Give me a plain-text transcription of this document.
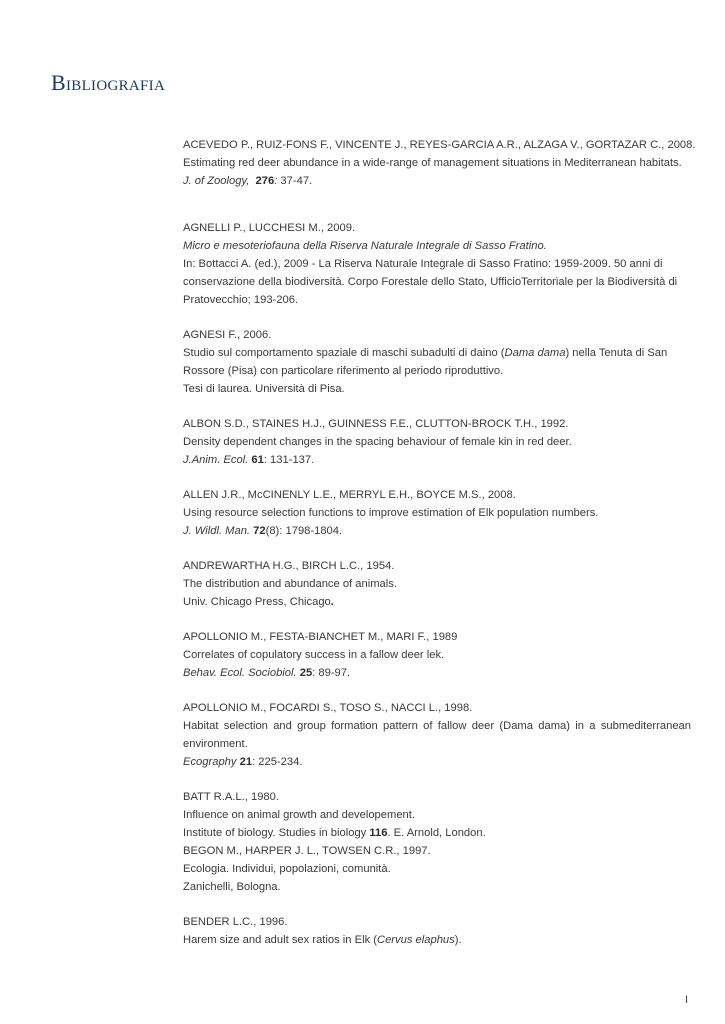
Bibliografia
ACEVEDO P., RUIZ-FONS F., VINCENTE J., REYES-GARCIA A.R., ALZAGA V., GORTAZAR C., 2008.
Estimating red deer abundance in a wide-range of management situations in Mediterranean habitats.
J. of Zoology, 276: 37-47.
AGNELLI P., LUCCHESI M., 2009.
Micro e mesoteriofauna della Riserva Naturale Integrale di Sasso Fratino.
In: Bottacci A. (ed.), 2009 - La Riserva Naturale Integrale di Sasso Fratino: 1959-2009. 50 anni di
conservazione della biodiversità. Corpo Forestale dello Stato, UfficioTerritoriale per la Biodiversità di
Pratovecchio; 193-206.
AGNESI F., 2006.
Studio sul comportamento spaziale di maschi subadulti di daino (Dama dama) nella Tenuta di San
Rossore (Pisa) con particolare riferimento al periodo riproduttivo.
Tesi di laurea. Università di Pisa.
ALBON S.D., STAINES H.J., GUINNESS F.E., CLUTTON-BROCK T.H., 1992.
Density dependent changes in the spacing behaviour of female kin in red deer.
J.Anim. Ecol. 61: 131-137.
ALLEN J.R., McCINENLY L.E., MERRYL E.H., BOYCE M.S., 2008.
Using resource selection functions to improve estimation of Elk population numbers.
J. Wildl. Man. 72(8): 1798-1804.
ANDREWARTHA H.G., BIRCH L.C., 1954.
The distribution and abundance of animals.
Univ. Chicago Press, Chicago.
APOLLONIO M., FESTA-BIANCHET M., MARI F., 1989
Correlates of copulatory success in a fallow deer lek.
Behav. Ecol. Sociobiol. 25: 89-97.
APOLLONIO M., FOCARDI S., TOSO S., NACCI L., 1998.
Habitat selection and group formation pattern of fallow deer (Dama dama) in a submediterranean
environment.
Ecography 21: 225-234.
BATT R.A.L., 1980.
Influence on animal growth and developement.
Institute of biology. Studies in biology 116. E. Arnold, London.
BEGON M., HARPER J. L., TOWSEN C.R., 1997.
Ecologia. Individui, popolazioni, comunità.
Zanichelli, Bologna.
BENDER L.C., 1996.
Harem size and adult sex ratios in Elk (Cervus elaphus).
I
